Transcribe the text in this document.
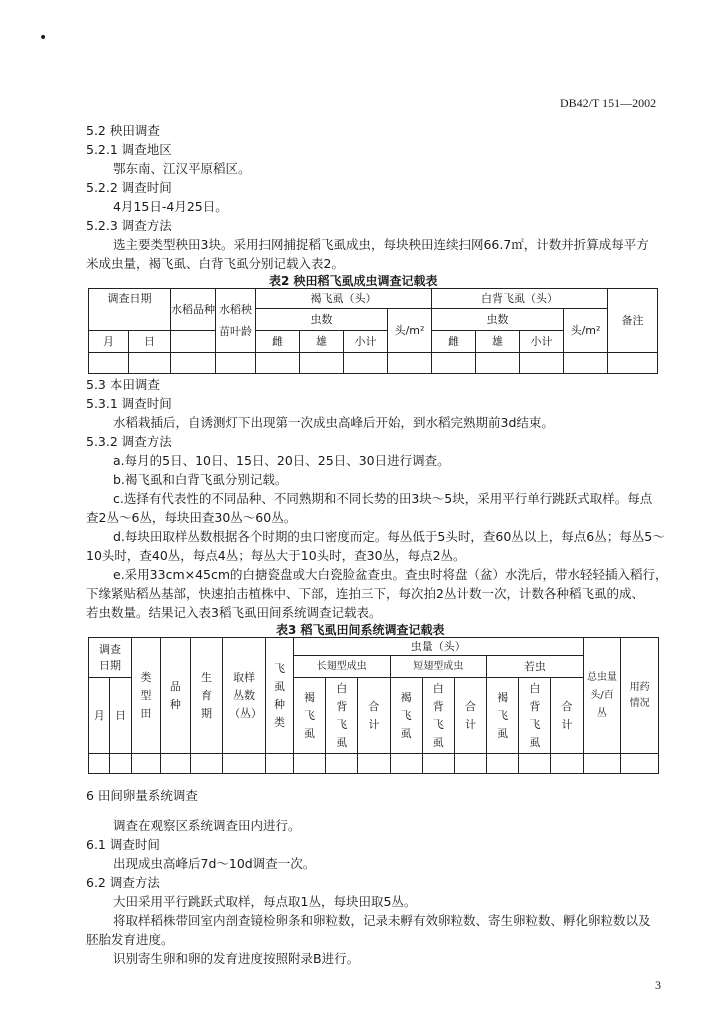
•
DB42/T 151—2002
5.2 秧田调查
5.2.1 调查地区
鄂东南、江汉平原稻区。
5.2.2 调查时间
4月15日-4月25日。
5.2.3 调查方法
选主要类型秧田3块。采用扫网捕捉稻飞虱成虫，每块秧田连续扫网66.7㎡，计数并折算成每平方
米成虫量，褐飞虱、白背飞虱分别记载入表2。
表2 秧田稻飞虱成虫调查记载表
调查日期		水稻品种	水稻秧苗叶龄	褐飞虱（头）				白背飞虱（头）				备注
				虫数			头/m²	虫数			头/m²	
月	日			雌	雄	小计		雌	雄	小计		

5.3 本田调查
5.3.1 调查时间
水稻栽插后，自诱测灯下出现第一次成虫高峰后开始，到水稻完熟期前3d结束。
5.3.2 调查方法
a.每月的5日、10日、15日、20日、25日、30日进行调查。
b.褐飞虱和白背飞虱分别记载。
c.选择有代表性的不同品种、不同熟期和不同长势的田3块～5块，采用平行单行跳跃式取样。每点
查2丛～6丛，每块田查30丛～60丛。
d.每块田取样丛数根据各个时期的虫口密度而定。每丛低于5头时，查60丛以上，每点6丛；每丛5～
10头时，查40丛，每点4丛；每丛大于10头时，查30丛，每点2丛。
e.采用33cm×45cm的白搪瓷盘或大白瓷脸盆查虫。查虫时将盘（盆）水洗后，带水轻轻插入稻行，
下缘紧贴稻丛基部，快速拍击植株中、下部，连拍三下，每次拍2丛计数一次，计数各种稻飞虱的成、
若虫数量。结果记入表3稻飞虱田间系统调查记载表。
表3 稻飞虱田间系统调查记载表
调查日期		类型田	品种	生育期	取样丛数（丛）	飞虱种类	虫量（头）									总虫量头/百丛	用药情况
							长翅型成虫			短翅型成虫			若虫				
月	日						褐飞虱	白背飞虱	合计	褐飞虱	白背飞虱	合计	褐飞虱	白背飞虱	合计		

6 田间卵量系统调查
调查在观察区系统调查田内进行。
6.1 调查时间
出现成虫高峰后7d～10d调查一次。
6.2 调查方法
大田采用平行跳跃式取样，每点取1丛，每块田取5丛。
将取样稻株带回室内剖查镜检卵条和卵粒数，记录未孵有效卵粒数、寄生卵粒数、孵化卵粒数以及
胚胎发育进度。
识别寄生卵和卵的发育进度按照附录B进行。
3
